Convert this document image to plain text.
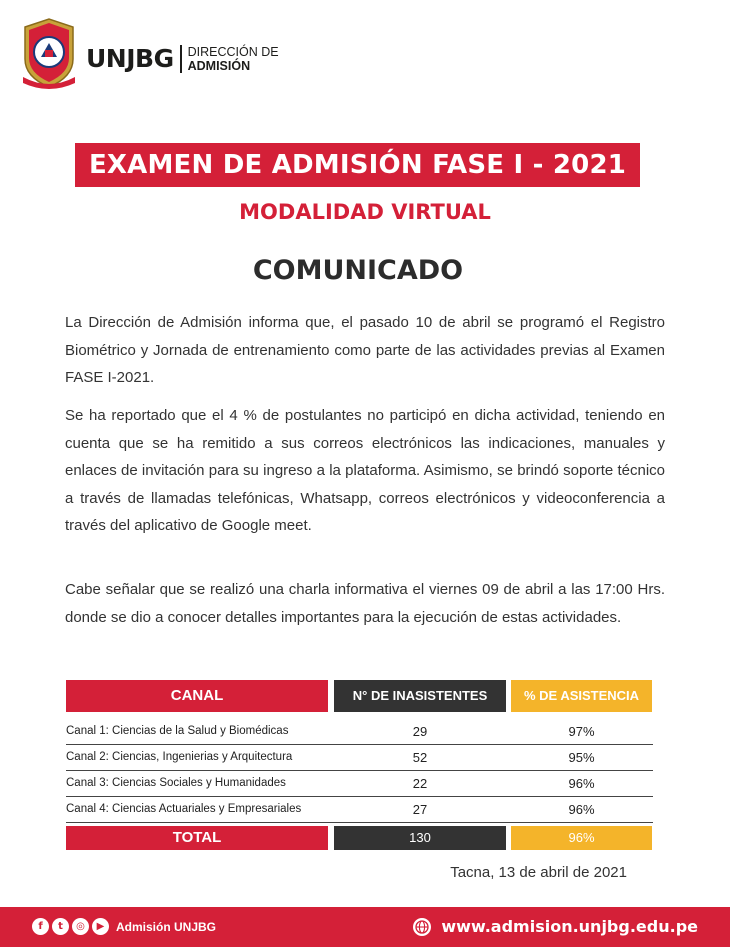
UNJBG DIRECCIÓN DE
ADMISIÓN
EXAMEN DE ADMISIÓN FASE I - 2021
MODALIDAD VIRTUAL
COMUNICADO
La Dirección de Admisión informa que, el pasado 10 de abril se programó el Registro Biométrico y Jornada de entrenamiento como parte de las actividades previas al Examen FASE I-2021.
Se ha reportado que el 4 % de postulantes no participó en dicha actividad, teniendo en cuenta que se ha remitido a sus correos electrónicos las indicaciones, manuales y enlaces de invitación para su ingreso a la plataforma. Asimismo, se brindó soporte técnico a través de llamadas telefónicas, Whatsapp, correos electrónicos y videoconferencia a través del aplicativo de Google meet.
Cabe señalar que se realizó una charla informativa el viernes 09 de abril a las 17:00 Hrs. donde se dio a conocer detalles importantes para la ejecución de estas actividades.
CANAL	N° DE INASISTENTES	% DE ASISTENCIA
Canal 1: Ciencias de la Salud y Biomédicas	29	97%
Canal 2: Ciencias, Ingenierias y Arquitectura	52	95%
Canal 3: Ciencias Sociales y Humanidades	22	96%
Canal 4: Ciencias Actuariales y Empresariales	27	96%
TOTAL	130	96%
Tacna, 13 de abril de 2021
f	t	◎	▶ Admisión UNJBG	www.admision.unjbg.edu.pe
